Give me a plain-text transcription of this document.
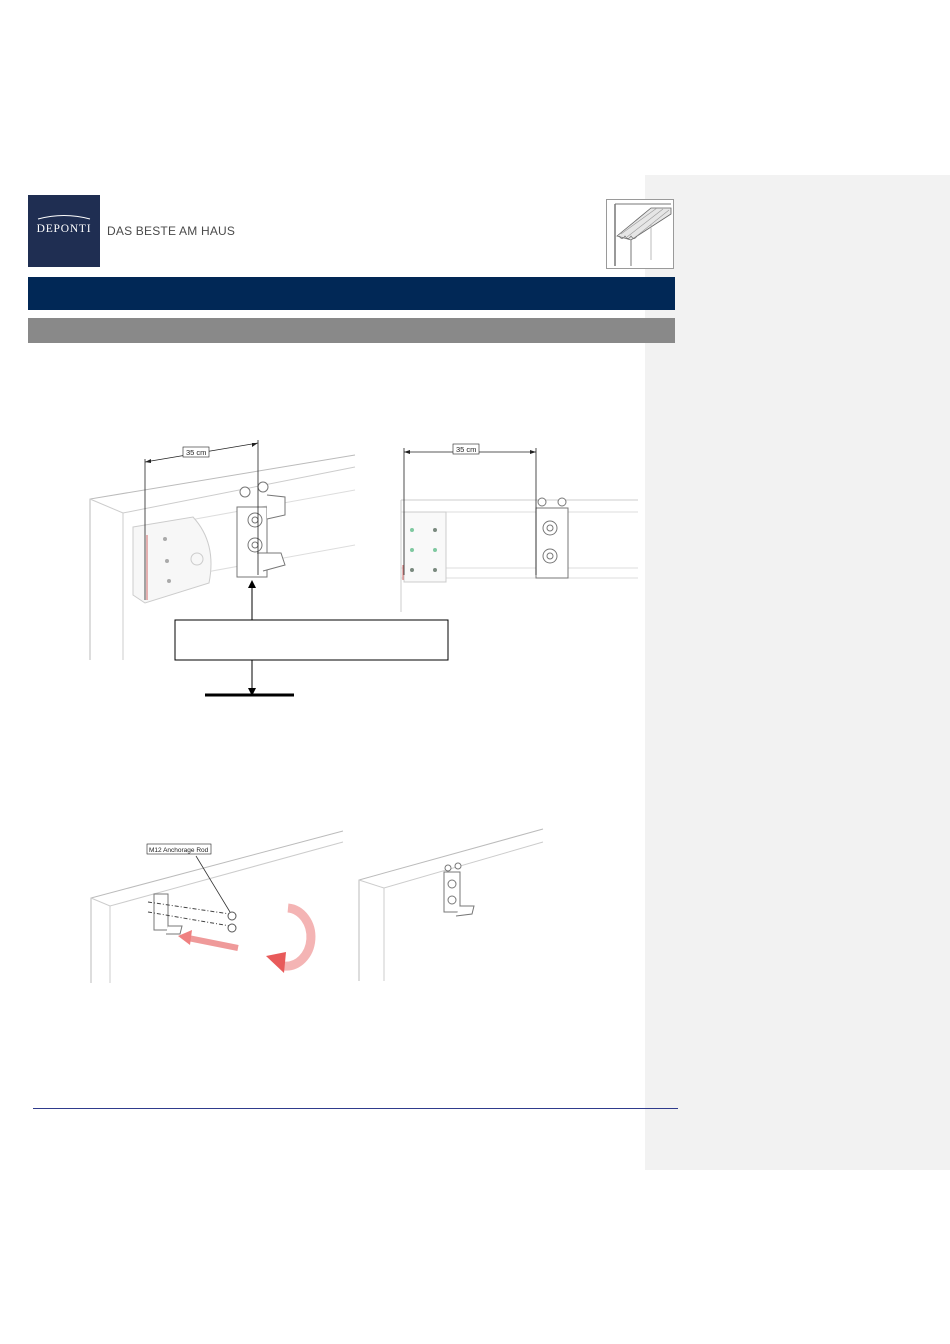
DEPONTI	DAS BESTE AM HAUS
35 cm	35 cm
M12 Anchorage Rod
